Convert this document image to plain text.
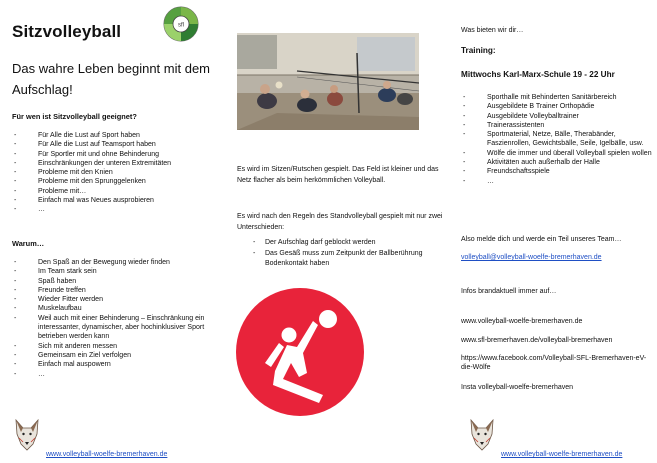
Sitzvolleyball	sfl
Das wahre Leben beginnt mit dem Aufschlag!
Für wen ist Sitzvolleyball geeignet?
- Für Alle die Lust auf Sport haben
- Für Alle die Lust auf Teamsport haben
- Für Sportler mit und ohne Behinderung
- Einschränkungen der unteren Extremitäten
- Probleme mit den Knien
- Probleme mit den Sprunggelenken
- Probleme mit…
- Einfach mal was Neues ausprobieren
- …
Warum…
- Den Spaß an der Bewegung wieder finden
- Im Team stark sein
- Spaß haben
- Freunde treffen
- Wieder Fitter werden
- Muskelaufbau
- Weil auch mit einer Behinderung – Einschränkung ein interessanter, dynamischer, aber hochinklusiver Sport betrieben werden kann
- Sich mit anderen messen
- Gemeinsam ein Ziel verfolgen
- Einfach mal auspowern
- …
www.volleyball-woelfe-bremerhaven.de
Es wird im Sitzen/Rutschen gespielt. Das Feld ist kleiner und das Netz flacher als beim herkömmlichen Volleyball.
Es wird nach den Regeln des Standvolleyball gespielt mit nur zwei Unterschieden:
- Der Aufschlag darf geblockt werden
- Das Gesäß muss zum Zeitpunkt der Ballberührung Bodenkontakt haben
Was bieten wir dir…
Training:
Mittwochs Karl-Marx-Schule 19 - 22 Uhr
- Sporthalle mit Behinderten Sanitärbereich
- Ausgebildete B Trainer Orthopädie
- Ausgebildete Volleyballtrainer
- Trainerassistenten
- Sportmaterial, Netze, Bälle, Therabänder, Faszienrollen, Gewichtsbälle, Seile, Igelbälle, usw.
- Wölfe die immer und überall Volleyball spielen wollen
- Aktivitäten auch außerhalb der Halle
- Freundschaftsspiele
- …
Also melde dich und werde ein Teil unseres Team…
volleyball@volleyball-woelfe-bremerhaven.de
Infos brandaktuell immer auf…
www.volleyball-woelfe-bremerhaven.de
www.sfl-bremerhaven.de/volleyball-bremerhaven
https://www.facebook.com/Volleyball-SFL-Bremerhaven-eV-die-Wölfe
Insta volleyball-woelfe-bremerhaven
www.volleyball-woelfe-bremerhaven.de
